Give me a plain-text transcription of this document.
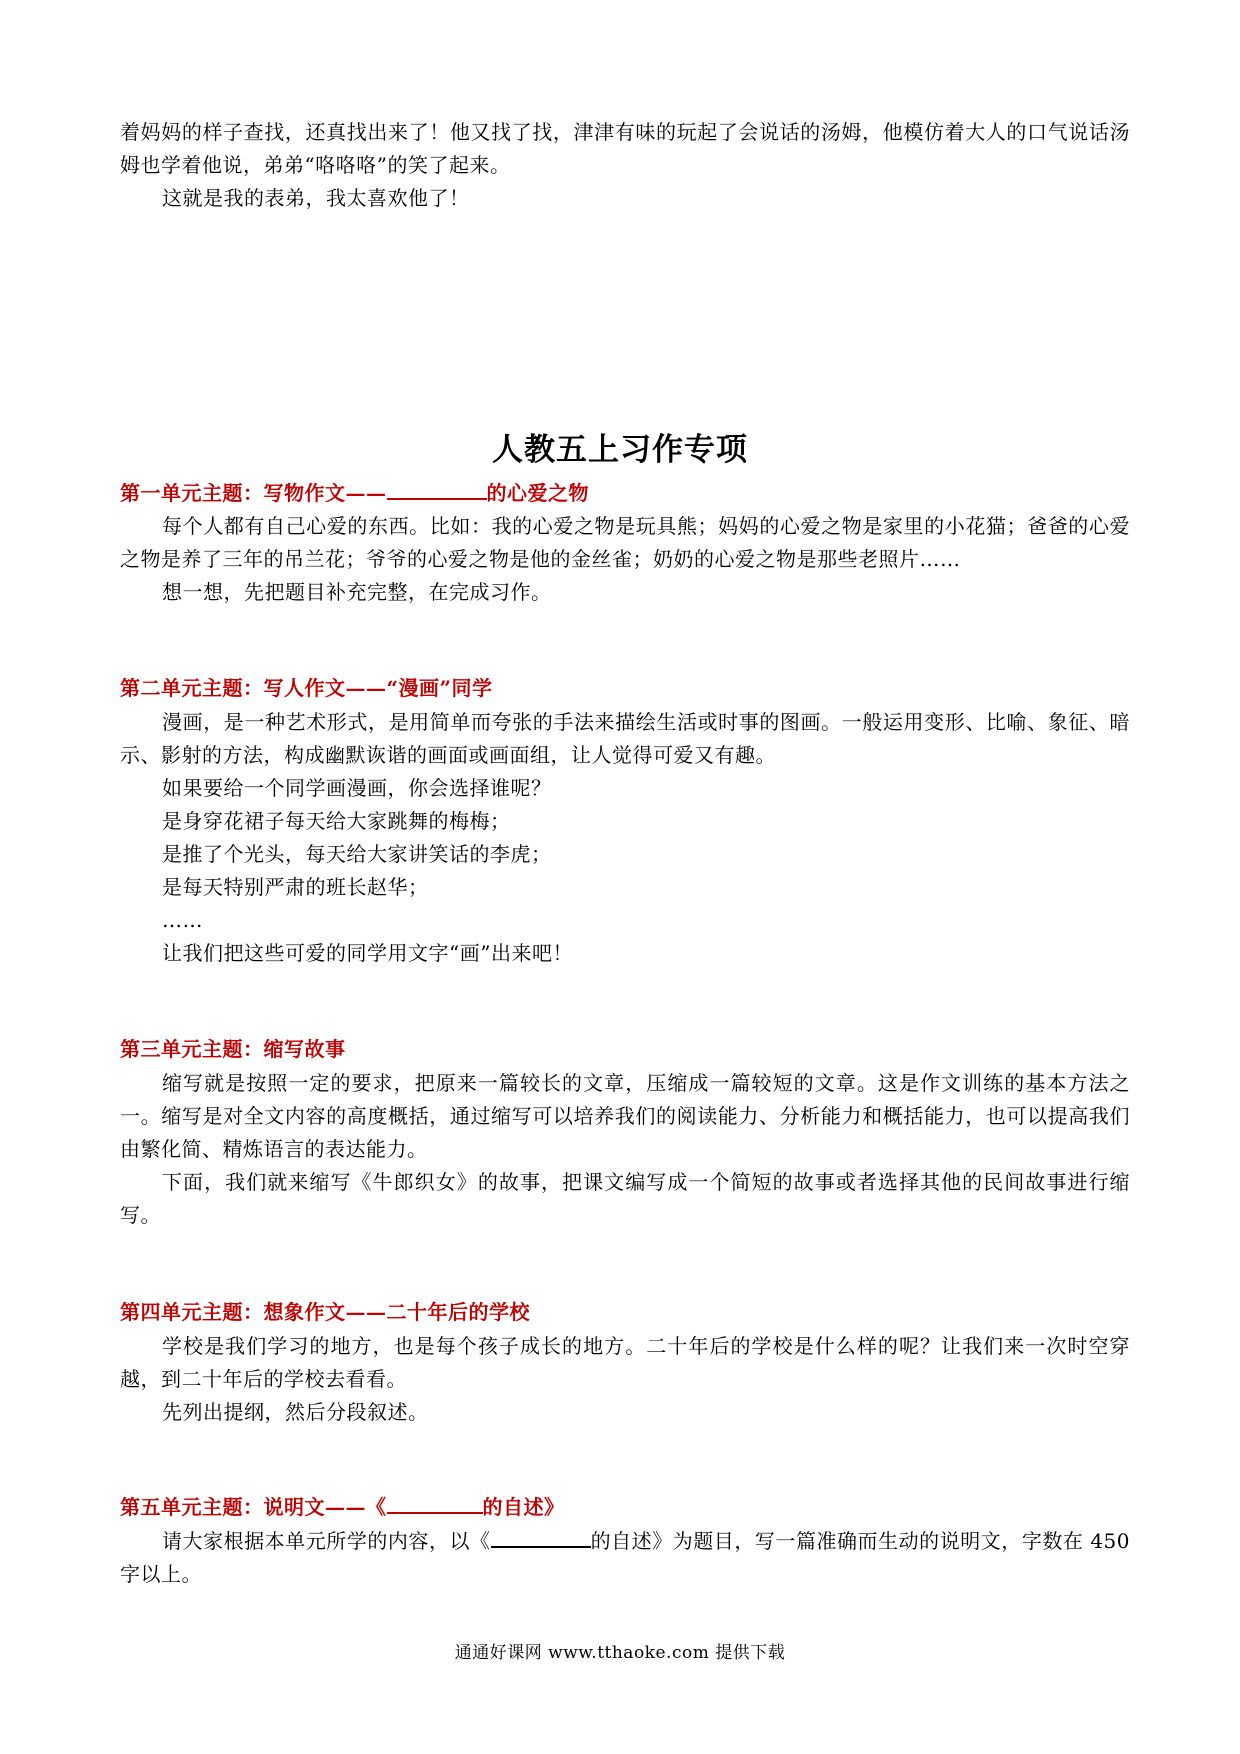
着妈妈的样子查找，还真找出来了！他又找了找，津津有味的玩起了会说话的汤姆，他模仿着大人的口气说话汤姆也学着他说，弟弟“咯咯咯”的笑了起来。

这就是我的表弟，我太喜欢他了！

人教五上习作专项
第一单元主题：写物作文——	的心爱之物

每个人都有自己心爱的东西。比如：我的心爱之物是玩具熊；妈妈的心爱之物是家里的小花猫；爸爸的心爱之物是养了三年的吊兰花；爷爷的心爱之物是他的金丝雀；奶奶的心爱之物是那些老照片……

想一想，先把题目补充完整，在完成习作。

第二单元主题：写人作文——“漫画”同学

漫画，是一种艺术形式，是用简单而夸张的手法来描绘生活或时事的图画。一般运用变形、比喻、象征、暗示、影射的方法，构成幽默诙谐的画面或画面组，让人觉得可爱又有趣。

如果要给一个同学画漫画，你会选择谁呢？

是身穿花裙子每天给大家跳舞的梅梅；

是推了个光头，每天给大家讲笑话的李虎；

是每天特别严肃的班长赵华；

……

让我们把这些可爱的同学用文字“画”出来吧！

第三单元主题：缩写故事

缩写就是按照一定的要求，把原来一篇较长的文章，压缩成一篇较短的文章。这是作文训练的基本方法之一。缩写是对全文内容的高度概括，通过缩写可以培养我们的阅读能力、分析能力和概括能力，也可以提高我们由繁化简、精炼语言的表达能力。

下面，我们就来缩写《牛郎织女》的故事，把课文编写成一个简短的故事或者选择其他的民间故事进行缩写。

第四单元主题：想象作文——二十年后的学校

学校是我们学习的地方，也是每个孩子成长的地方。二十年后的学校是什么样的呢？让我们来一次时空穿越，到二十年后的学校去看看。

先列出提纲，然后分段叙述。

第五单元主题：说明文——《	的自述》

请大家根据本单元所学的内容，以《	的自述》为题目，写一篇准确而生动的说明文，字数在 450 字以上。

通通好课网 www.tthaoke.com 提供下载
